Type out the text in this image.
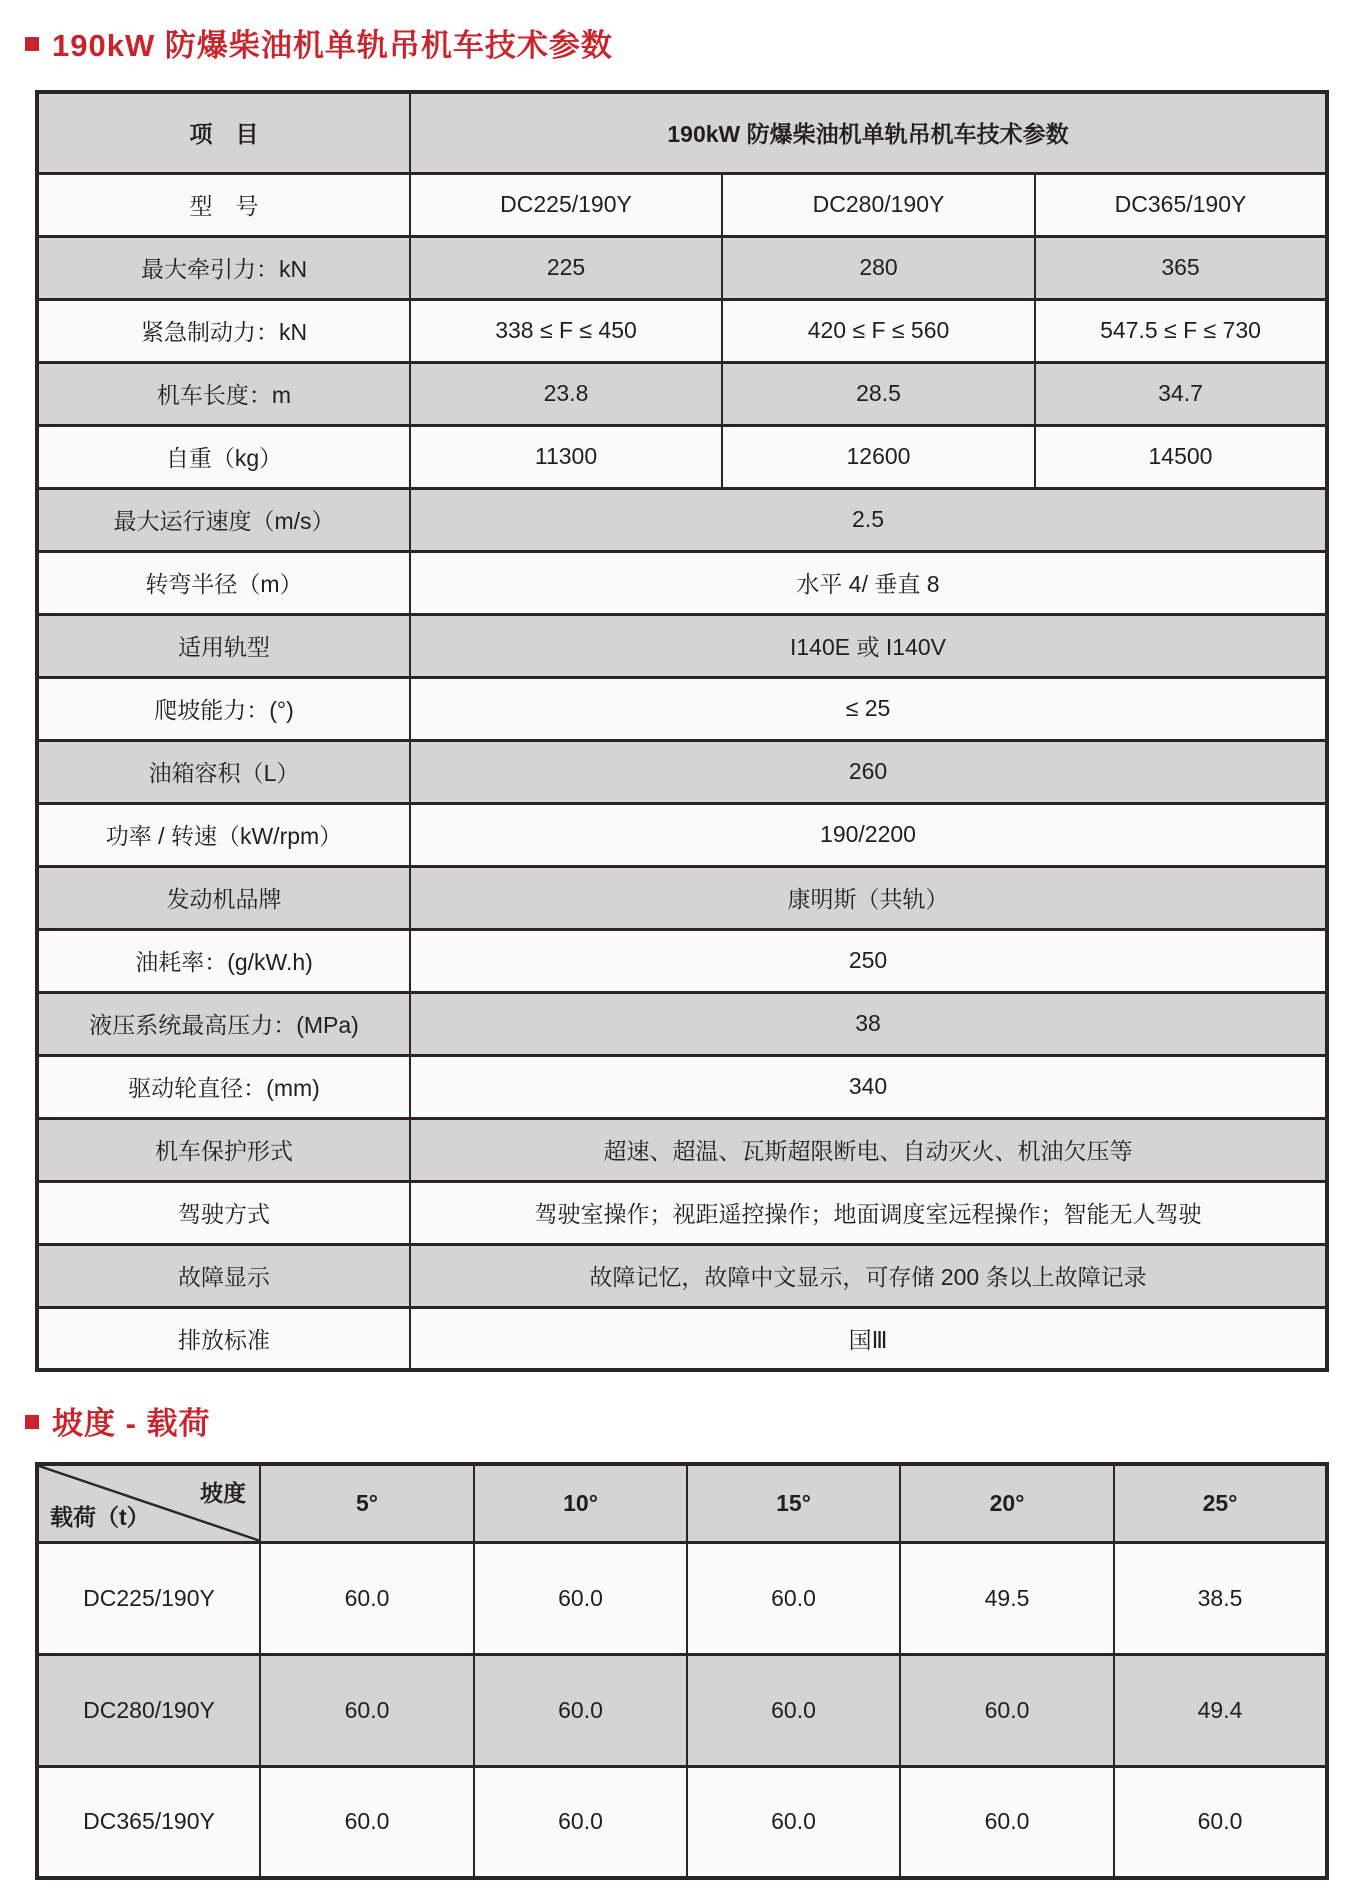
190kW 防爆柴油机单轨吊机车技术参数
项　目	190kW 防爆柴油机单轨吊机车技术参数		
型　号	DC225/190Y	DC280/190Y	DC365/190Y
最大牵引力：kN	225	280	365
紧急制动力：kN	338 ≤ F ≤ 450	420 ≤ F ≤ 560	547.5 ≤ F ≤ 730
机车长度：m	23.8	28.5	34.7
自重（kg）	11300	12600	14500
最大运行速度（m/s）	2.5		
转弯半径（m）	水平 4/ 垂直 8		
适用轨型	I140E 或 I140V		
爬坡能力：(°)	≤ 25		
油箱容积（L）	260		
功率 / 转速（kW/rpm）	190/2200		
发动机品牌	康明斯（共轨）		
油耗率：(g/kW.h)	250		
液压系统最高压力：(MPa)	38		
驱动轮直径：(mm)	340		
机车保护形式	超速、超温、瓦斯超限断电、自动灭火、机油欠压等		
驾驶方式	驾驶室操作；视距遥控操作；地面调度室远程操作；智能无人驾驶		
故障显示	故障记忆，故障中文显示，可存储 200 条以上故障记录		
排放标准	国Ⅲ		
坡度 - 载荷
坡度
载荷（t）	5°	10°	15°	20°	25°
DC225/190Y	60.0	60.0	60.0	49.5	38.5
DC280/190Y	60.0	60.0	60.0	60.0	49.4
DC365/190Y	60.0	60.0	60.0	60.0	60.0
